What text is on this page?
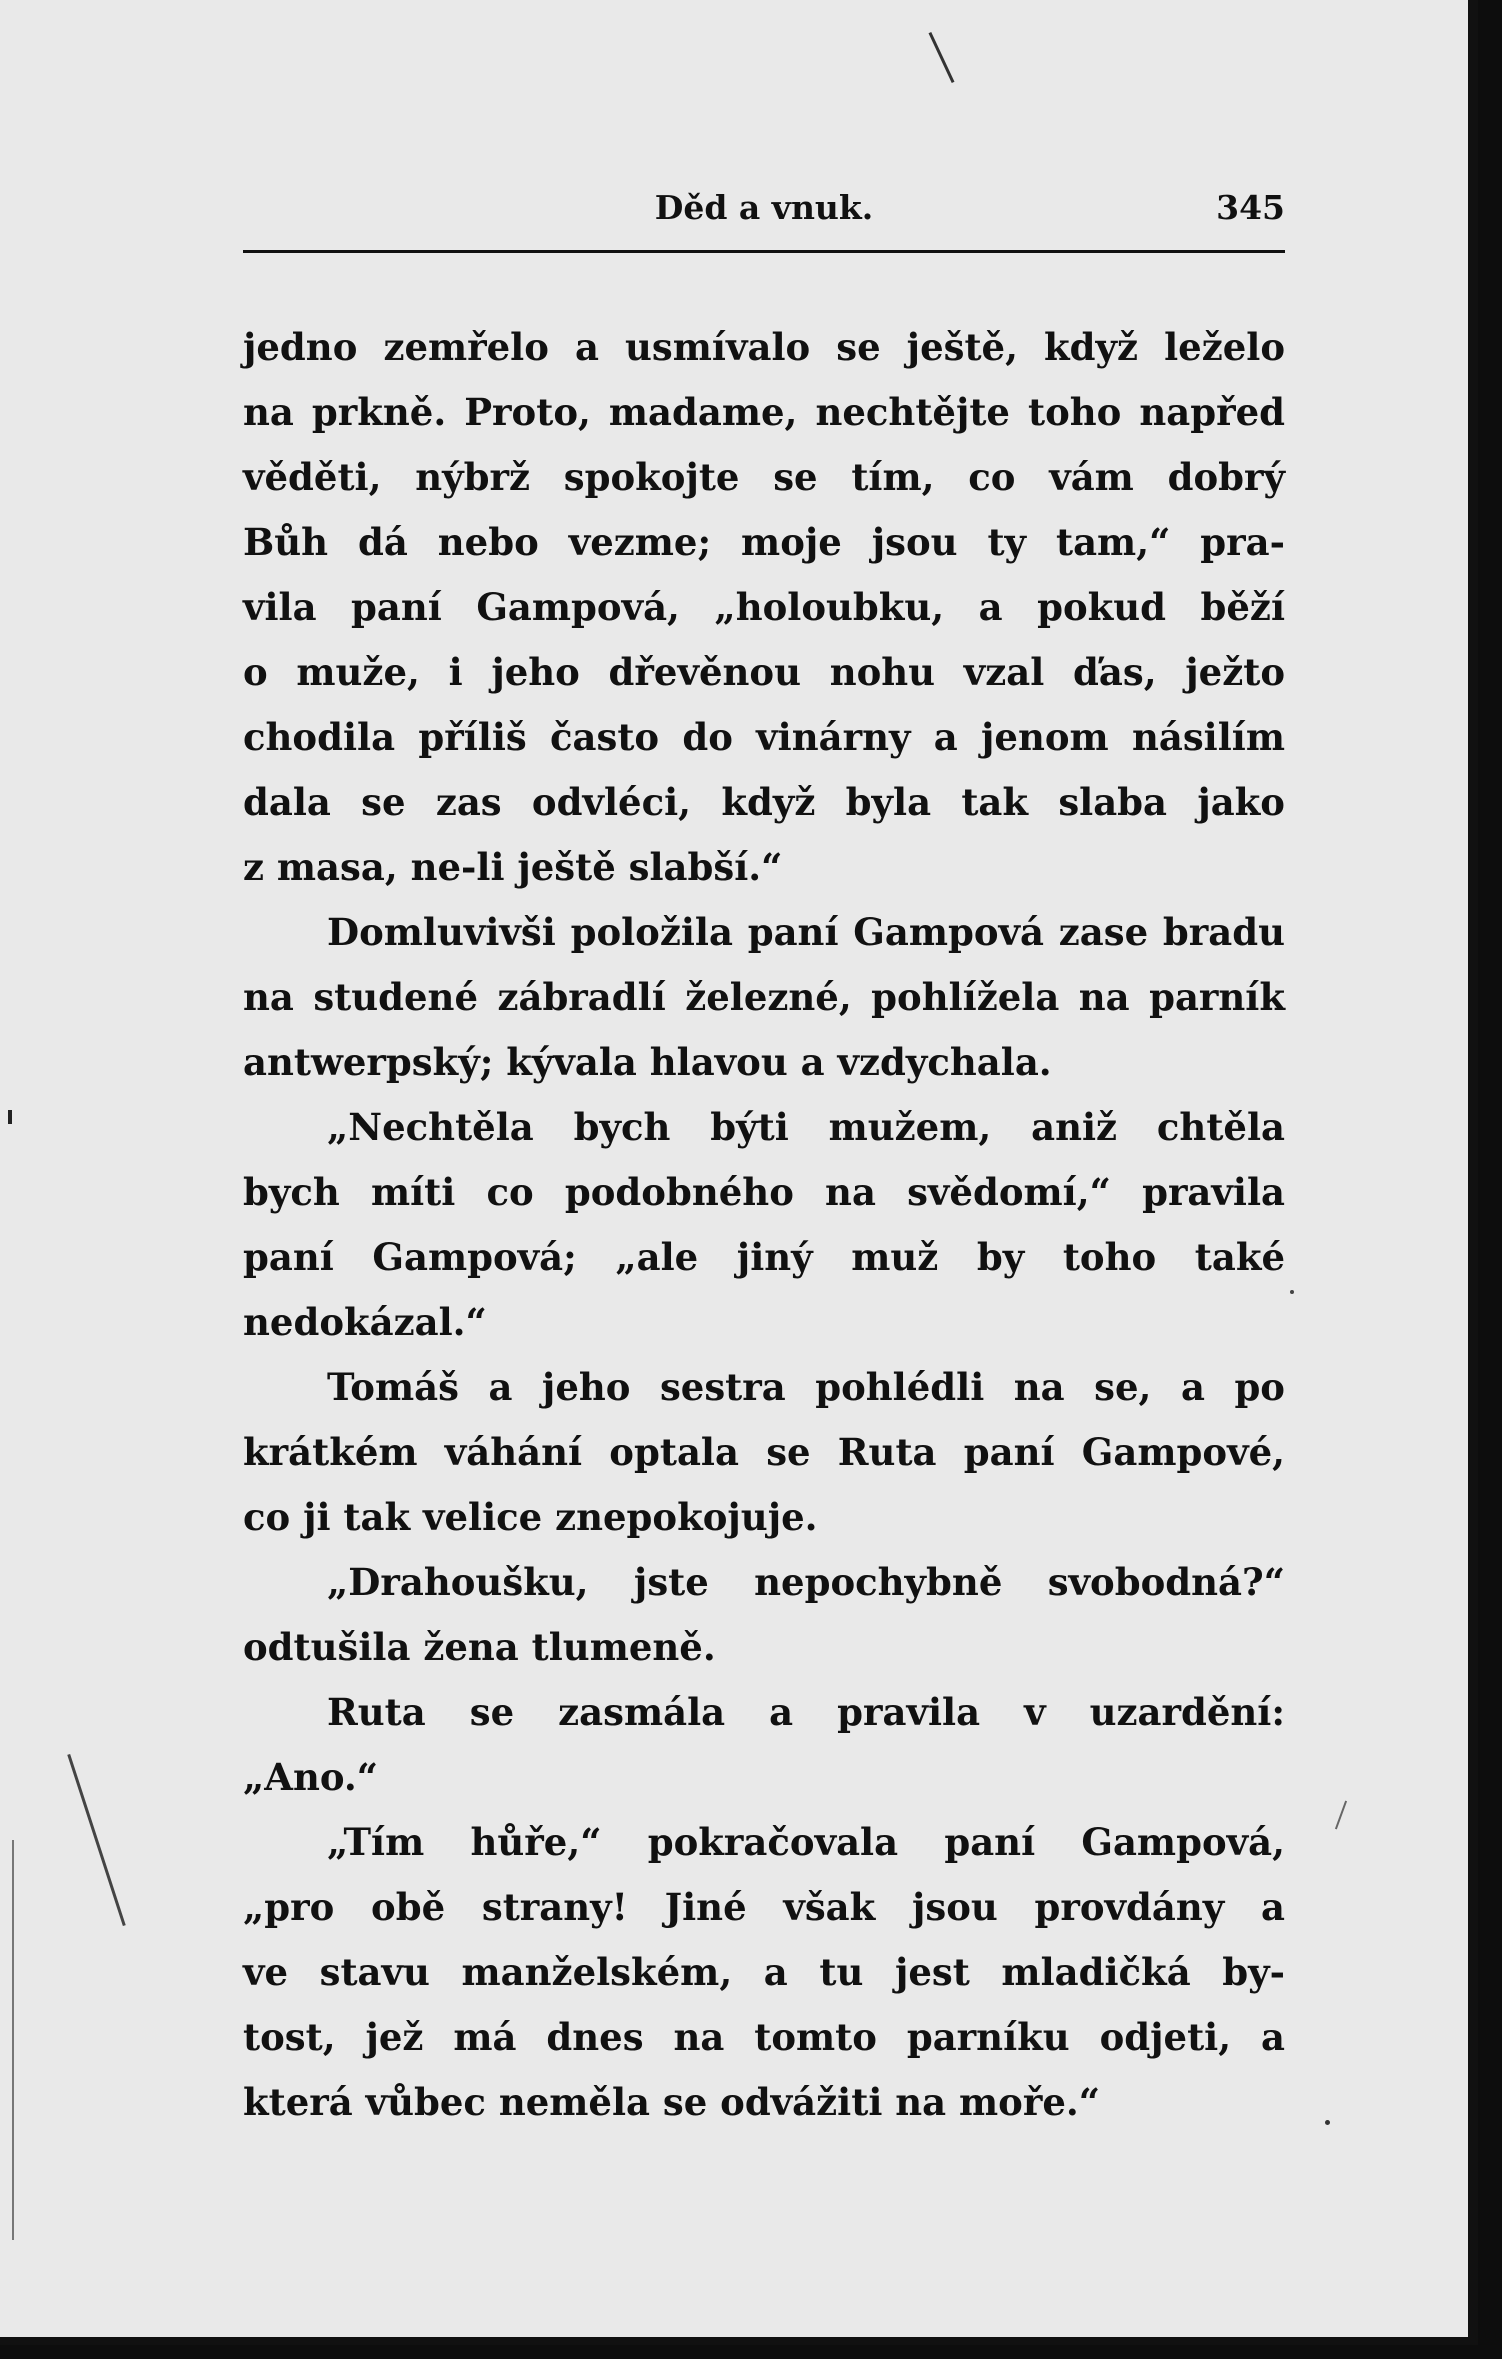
Děd a vnuk.	345
jedno zemřelo a usmívalo se ještě, když leželo
na prkně. Proto, madame, nechtějte toho napřed
věděti, nýbrž spokojte se tím, co vám dobrý
Bůh dá nebo vezme; moje jsou ty tam,“ pra-
vila paní Gampová, „holoubku, a pokud běží
o muže, i jeho dřevěnou nohu vzal ďas, ježto
chodila příliš často do vinárny a jenom násilím
dala se zas odvléci, když byla tak slaba jako
z masa, ne-li ještě slabší.“
Domluvivši položila paní Gampová zase bradu
na studené zábradlí železné, pohlížela na parník
antwerpský; kývala hlavou a vzdychala.
„Nechtěla bych býti mužem, aniž chtěla
bych míti co podobného na svědomí,“ pravila
paní Gampová; „ale jiný muž by toho také
nedokázal.“
Tomáš a jeho sestra pohlédli na se, a po
krátkém váhání optala se Ruta paní Gampové,
co ji tak velice znepokojuje.
„Drahoušku, jste nepochybně svobodná?“
odtušila žena tlumeně.
Ruta se zasmála a pravila v uzardění:
„Ano.“
„Tím hůře,“ pokračovala paní Gampová,
„pro obě strany! Jiné však jsou provdány a
ve stavu manželském, a tu jest mladičká by-
tost, jež má dnes na tomto parníku odjeti, a
která vůbec neměla se odvážiti na moře.“
